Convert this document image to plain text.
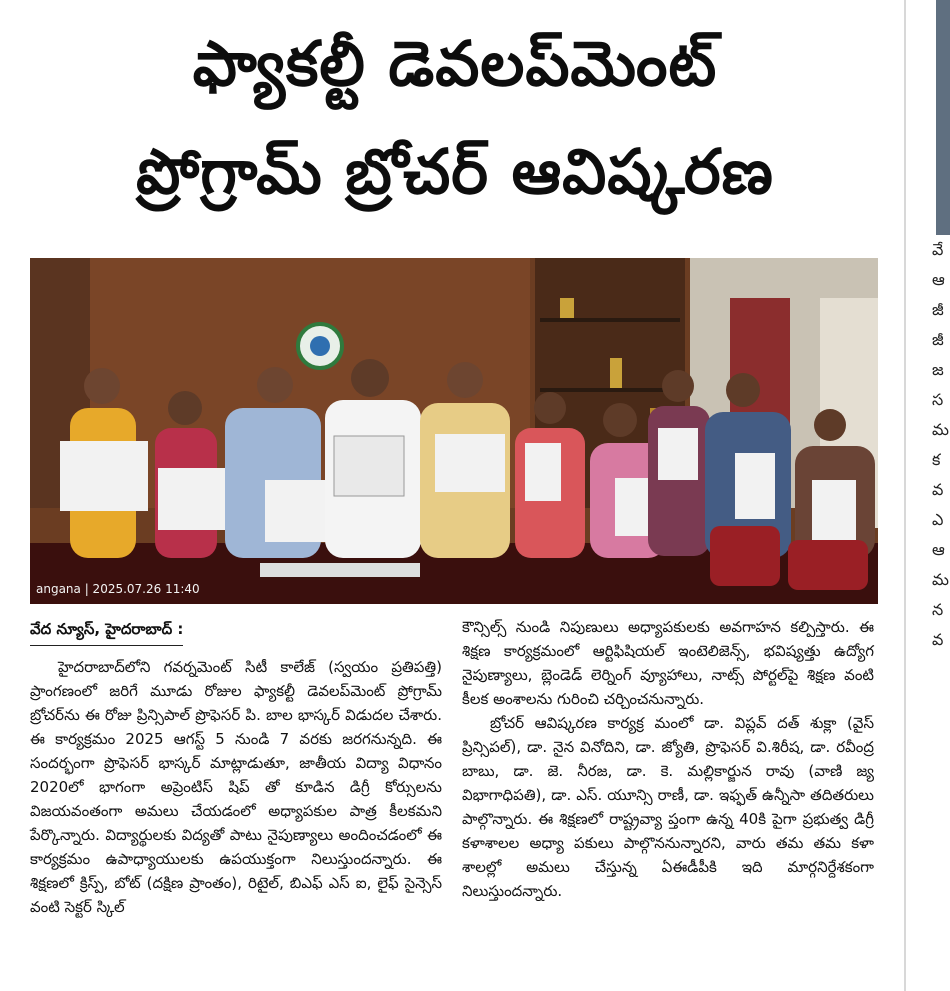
ఫ్యాకల్టీ డెవలప్‌మెంట్
ప్రోగ్రామ్ బ్రోచర్ ఆవిష్కరణ
angana | 2025.07.26 11:40
వేద న్యూస్, హైదరాబాద్ :

హైదరాబాద్‌లోని గవర్నమెంట్ సిటీ కాలేజ్ (స్వయం ప్రతిపత్తి) ప్రాంగణంలో జరిగే మూడు రోజుల ఫ్యాకల్టీ డెవలప్‌మెంట్ ప్రోగ్రామ్ బ్రోచర్‌ను ఈ రోజు ప్రిన్సిపాల్ ప్రొఫెసర్ పి. బాల భాస్కర్ విడుదల చేశారు. ఈ కార్యక్రమం 2025 ఆగస్ట్ 5 నుండి 7 వరకు జరగనున్నది. ఈ సందర్భంగా ప్రొఫెసర్ భాస్కర్ మాట్లాడుతూ, జాతీయ విద్యా విధానం 2020లో భాగంగా అప్రెంటిస్ షిప్ తో కూడిన డిగ్రీ కోర్సులను విజయవంతంగా అమలు చేయడంలో అధ్యాపకుల పాత్ర కీలకమని పేర్కొన్నారు. విద్యార్థులకు విద్యతో పాటు నైపుణ్యాలు అందించడంలో ఈ కార్యక్రమం ఉపాధ్యాయులకు ఉపయుక్తంగా నిలుస్తుందన్నారు. ఈ శిక్షణలో క్రిస్ప్, బోట్ (దక్షిణ ప్రాంతం), రిటైల్, బిఎఫ్ ఎస్ ఐ, లైఫ్ సైన్సెస్ వంటి సెక్టర్ స్కిల్

కౌన్సిల్స్ నుండి నిపుణులు అధ్యాపకులకు అవగాహన కల్పిస్తారు. ఈ శిక్షణ కార్యక్రమంలో ఆర్టిఫిషియల్ ఇంటెలిజెన్స్, భవిష్యత్తు ఉద్యోగ నైపుణ్యాలు, బ్లెండెడ్ లెర్నింగ్ వ్యూహాలు, నాట్స్ పోర్టల్‌పై శిక్షణ వంటి కీలక అంశాలను గురించి చర్చించనున్నారు.

బ్రోచర్ ఆవిష్కరణ కార్యక్ర మంలో డా. విప్లవ్ దత్ శుక్లా (వైస్ ప్రిన్సిపల్), డా. నైన వినోదిని, డా. జ్యోతి, ప్రొఫెసర్ వి.శిరీష, డా. రవీంద్ర బాబు, డా. జె. నీరజ, డా. కె. మల్లికార్జున రావు (వాణి జ్య విభాగాధిపతి), డా. ఎస్. యూన్సి రాణీ, డా. ఇఫ్ఫత్ ఉన్నీసా తదితరులు పాల్గొన్నారు. ఈ శిక్షణలో రాష్ట్రవ్యా ప్తంగా ఉన్న 40కి పైగా ప్రభుత్వ డిగ్రీ కళాశాలల అధ్యా పకులు పాల్గొననున్నారని, వారు తమ తమ కళా శాలల్లో అమలు చేస్తున్న ఏఈడీపీకి ఇది మార్గనిర్దేశకంగా నిలుస్తుందన్నారు.

వే
ఆ
జీ
జీ
జ
స
మ
క
వ
ఎ
ఆ
మ
న
వ
